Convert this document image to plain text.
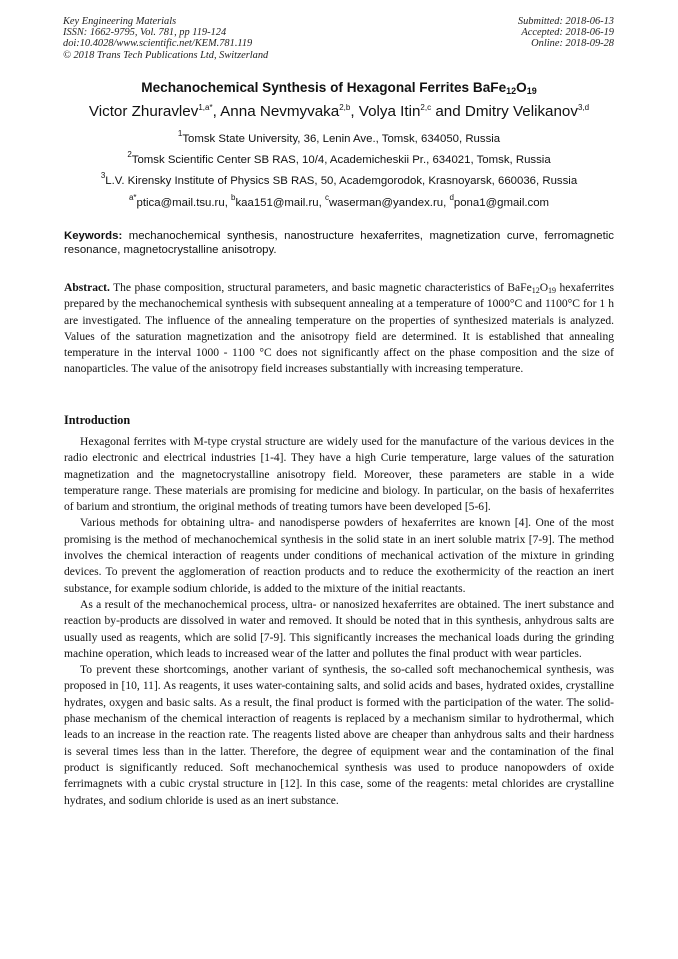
Key Engineering Materials
ISSN: 1662-9795, Vol. 781, pp 119-124
doi:10.4028/www.scientific.net/KEM.781.119
© 2018 Trans Tech Publications Ltd, Switzerland
Submitted: 2018-06-13
Accepted: 2018-06-19
Online: 2018-09-28
Mechanochemical Synthesis of Hexagonal Ferrites $BaFe_{12}O_{19}$
Victor Zhuravlev$^{1,a*}$, Anna Nevmyvaka$^{2,b}$, Volya Itin$^{2,c}$ and Dmitry Velikanov$^{3,d}$
$^1$Tomsk State University, 36, Lenin Ave., Tomsk, 634050, Russia
$^2$Tomsk Scientific Center SB RAS, 10/4, Academicheskii Pr., 634021, Tomsk, Russia
$^3$L.V. Kirensky Institute of Physics SB RAS, 50, Academgorodok, Krasnoyarsk, 660036, Russia
$^{a*}$ptica@mail.tsu.ru, $^b$kaa151@mail.ru, $^c$waserman@yandex.ru, $^d$pona1@gmail.com
Keywords: mechanochemical synthesis, nanostructure hexaferrites, magnetization curve, ferromagnetic resonance, magnetocrystalline anisotropy.
Abstract. The phase composition, structural parameters, and basic magnetic characteristics of $BaFe_{12}O_{19}$ hexaferrites prepared by the mechanochemical synthesis with subsequent annealing at a temperature of 1000°C and 1100°C for 1 h are investigated. The influence of the annealing temperature on the properties of synthesized materials is analyzed. Values of the saturation magnetization and the anisotropy field are determined. It is established that annealing temperature in the interval 1000 - 1100 °C does not significantly affect on the phase composition and the size of nanoparticles. The value of the anisotropy field increases substantially with increasing temperature.
Introduction

Hexagonal ferrites with M-type crystal structure are widely used for the manufacture of the various devices in the radio electronic and electrical industries [1-4]. They have a high Curie temperature, large values of the saturation magnetization and the magnetocrystalline anisotropy field. Moreover, these parameters are stable in a wide temperature range. These materials are promising for medicine and biology. In particular, on the basis of hexaferrites of barium and strontium, the original methods of treating tumors have been developed [5-6].

Various methods for obtaining ultra- and nanodisperse powders of hexaferrites are known [4]. One of the most promising is the method of mechanochemical synthesis in the solid state in an inert soluble matrix [7-9]. The method involves the chemical interaction of reagents under conditions of mechanical activation of the mixture in grinding devices. To prevent the agglomeration of reaction products and to reduce the exothermicity of the reaction an inert substance, for example sodium chloride, is added to the mixture of the initial reactants.

As a result of the mechanochemical process, ultra- or nanosized hexaferrites are obtained. The inert substance and reaction by-products are dissolved in water and removed. It should be noted that in this synthesis, anhydrous salts are usually used as reagents, which are solid [7-9]. This significantly increases the mechanical loads during the grinding machine operation, which leads to increased wear of the latter and pollutes the final product with wear particles.

To prevent these shortcomings, another variant of synthesis, the so-called soft mechanochemical synthesis, was proposed in [10, 11]. As reagents, it uses water-containing salts, and solid acids and bases, hydrated oxides, crystalline hydrates, oxygen and basic salts. As a result, the final product is formed with the participation of the water. The solid-phase mechanism of the chemical interaction of reagents is replaced by a mechanism similar to hydrothermal, which leads to an increase in the reaction rate. The reagents listed above are cheaper than anhydrous salts and their hardness is several times less than in the latter. Therefore, the degree of equipment wear and the contamination of the final product is significantly reduced. Soft mechanochemical synthesis was used to produce nanopowders of oxide ferrimagnets with a cubic crystal structure in [12]. In this case, some of the reagents: metal chlorides are crystalline hydrates, and sodium chloride is used as an inert substance.
